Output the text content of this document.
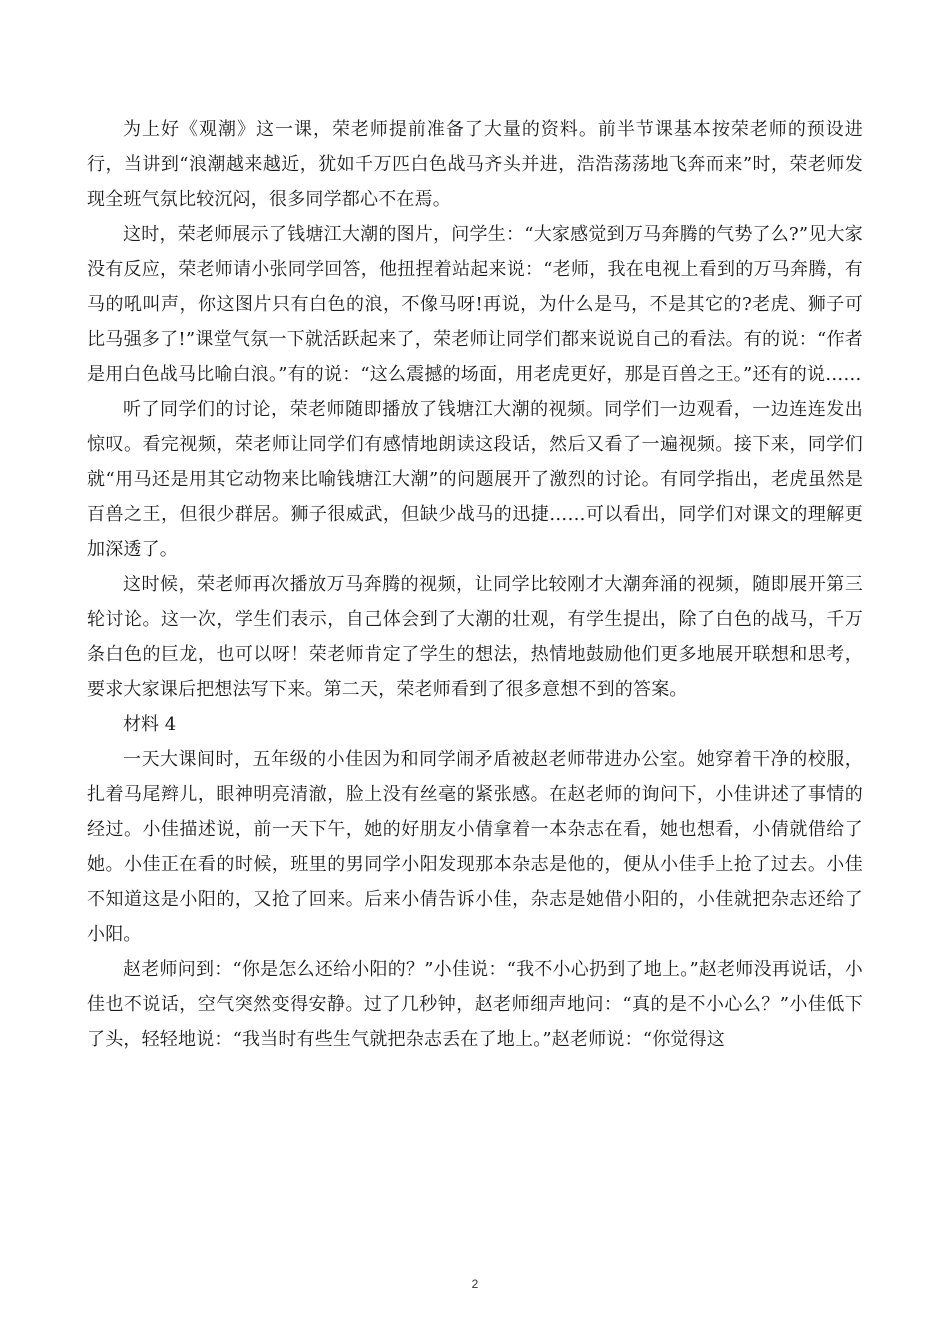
为上好《观潮》这一课，荣老师提前准备了大量的资料。前半节课基本按荣老师的预设进行，当讲到“浪潮越来越近，犹如千万匹白色战马齐头并进，浩浩荡荡地飞奔而来”时，荣老师发现全班气氛比较沉闷，很多同学都心不在焉。

这时，荣老师展示了钱塘江大潮的图片，问学生：“大家感觉到万马奔腾的气势了么?”见大家没有反应，荣老师请小张同学回答，他扭捏着站起来说：“老师，我在电视上看到的万马奔腾，有马的吼叫声，你这图片只有白色的浪，不像马呀!再说，为什么是马，不是其它的?老虎、狮子可比马强多了!”课堂气氛一下就活跃起来了，荣老师让同学们都来说说自己的看法。有的说：“作者是用白色战马比喻白浪。”有的说：“这么震撼的场面，用老虎更好，那是百兽之王。”还有的说……

听了同学们的讨论，荣老师随即播放了钱塘江大潮的视频。同学们一边观看，一边连连发出惊叹。看完视频，荣老师让同学们有感情地朗读这段话，然后又看了一遍视频。接下来，同学们就“用马还是用其它动物来比喻钱塘江大潮”的问题展开了激烈的讨论。有同学指出，老虎虽然是百兽之王，但很少群居。狮子很威武，但缺少战马的迅捷……可以看出，同学们对课文的理解更加深透了。

这时候，荣老师再次播放万马奔腾的视频，让同学比较刚才大潮奔涌的视频，随即展开第三轮讨论。这一次，学生们表示，自己体会到了大潮的壮观，有学生提出，除了白色的战马，千万条白色的巨龙，也可以呀！荣老师肯定了学生的想法，热情地鼓励他们更多地展开联想和思考，要求大家课后把想法写下来。第二天，荣老师看到了很多意想不到的答案。

材料 4

一天大课间时，五年级的小佳因为和同学闹矛盾被赵老师带进办公室。她穿着干净的校服，扎着马尾辫儿，眼神明亮清澈，脸上没有丝毫的紧张感。在赵老师的询问下，小佳讲述了事情的经过。小佳描述说，前一天下午，她的好朋友小倩拿着一本杂志在看，她也想看，小倩就借给了她。小佳正在看的时候，班里的男同学小阳发现那本杂志是他的，便从小佳手上抢了过去。小佳不知道这是小阳的，又抢了回来。后来小倩告诉小佳，杂志是她借小阳的，小佳就把杂志还给了小阳。

赵老师问到：“你是怎么还给小阳的？”小佳说：“我不小心扔到了地上。”赵老师没再说话，小佳也不说话，空气突然变得安静。过了几秒钟，赵老师细声地问：“真的是不小心么？”小佳低下了头，轻轻地说：“我当时有些生气就把杂志丢在了地上。”赵老师说：“你觉得这

2
